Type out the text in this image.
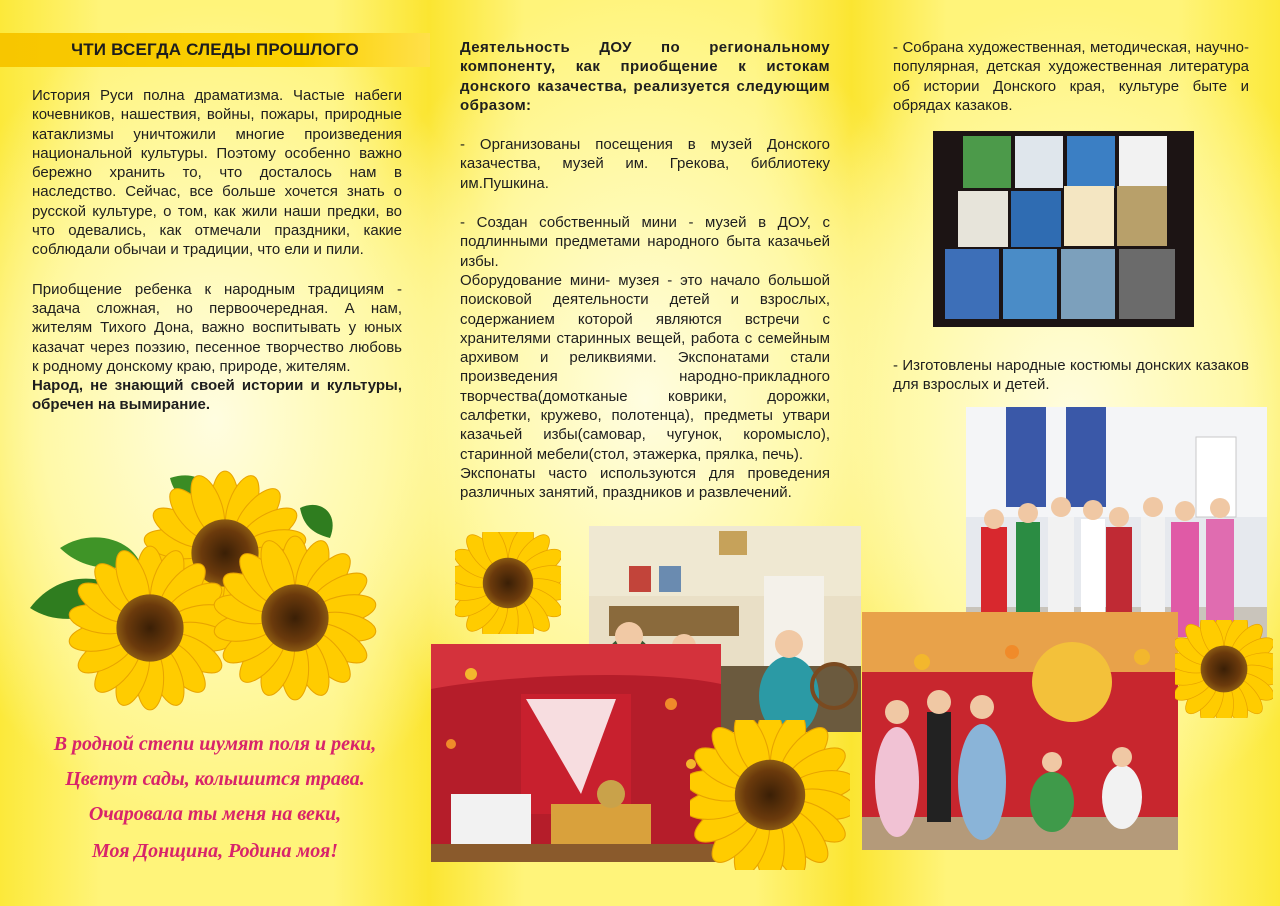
ЧТИ ВСЕГДА СЛЕДЫ ПРОШЛОГО

История Руси полна драматизма. Частые набеги кочевников, нашествия, войны, пожары, природные катаклизмы уничтожили многие произведения национальной культуры. Поэтому особенно важно бережно хранить то, что досталось нам в наследство. Сейчас, все больше хочется знать о русской культуре, о том, как жили наши предки, во что одевались, как отмечали праздники, какие соблюдали обычаи и традиции, что ели и пили.

Приобщение ребенка к народным традициям - задача сложная, но первоочередная. А нам, жителям Тихого Дона, важно воспитывать у юных казачат через поэзию, песенное творчество любовь к родному донскому краю, природе, жителям.

Народ, не знающий своей истории и культуры, обречен на вымирание.

В родной степи шумят поля и реки,
Цветут сады, колышится трава.
Очаровала ты меня на веки,
Моя Донщина, Родина моя!

Деятельность ДОУ по региональному компоненту, как приобщение к истокам донского казачества, реализуется следующим образом:

- Организованы посещения в музей Донского казачества, музей им. Грекова, библиотеку им.Пушкина.

- Создан собственный мини - музей в ДОУ, с подлинными предметами народного быта казачьей избы.

Оборудование мини- музея - это начало большой поисковой деятельности детей и взрослых, содержанием которой являются встречи с хранителями старинных вещей, работа с семейным архивом и реликвиями. Экспонатами стали произведения народно-прикладного творчества(домотканые коврики, дорожки, салфетки, кружево, полотенца), предметы утвари казачьей избы(самовар, чугунок, коромысло), старинной мебели(стол, этажерка, прялка, печь).

Экспонаты часто используются для проведения различных занятий, праздников и развлечений.

- Собрана художественная, методическая, научно-популярная, детская художественная литература об истории Донского края, культуре быте и обрядах казаков.

- Изготовлены народные костюмы донских казаков для взрослых и детей.
